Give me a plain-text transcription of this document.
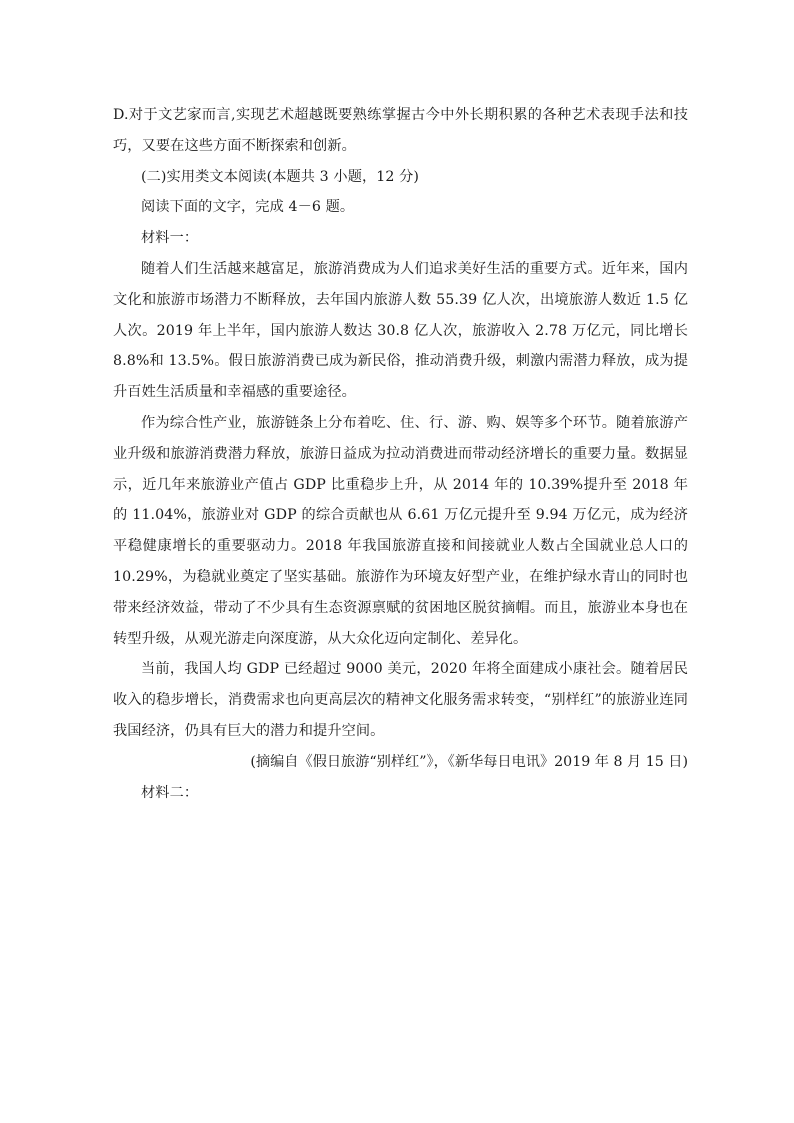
D.对于文艺家而言,实现艺术超越既要熟练掌握古今中外长期积累的各种艺术表现手法和技巧，又要在这些方面不断探索和创新。

(二)实用类文本阅读(本题共 3 小题，12 分)

阅读下面的文字，完成 4－6 题。

材料一：

随着人们生活越来越富足，旅游消费成为人们追求美好生活的重要方式。近年来，国内文化和旅游市场潜力不断释放，去年国内旅游人数 55.39 亿人次，出境旅游人数近 1.5 亿人次。2019 年上半年，国内旅游人数达 30.8 亿人次，旅游收入 2.78 万亿元，同比增长 8.8%和 13.5%。假日旅游消费已成为新民俗，推动消费升级，刺激内需潜力释放，成为提升百姓生活质量和幸福感的重要途径。

作为综合性产业，旅游链条上分布着吃、住、行、游、购、娱等多个环节。随着旅游产业升级和旅游消费潜力释放，旅游日益成为拉动消费进而带动经济增长的重要力量。数据显示，近几年来旅游业产值占 GDP 比重稳步上升，从 2014 年的 10.39%提升至 2018 年的 11.04%，旅游业对 GDP 的综合贡献也从 6.61 万亿元提升至 9.94 万亿元，成为经济平稳健康增长的重要驱动力。2018 年我国旅游直接和间接就业人数占全国就业总人口的 10.29%，为稳就业奠定了坚实基础。旅游作为环境友好型产业，在维护绿水青山的同时也带来经济效益，带动了不少具有生态资源禀赋的贫困地区脱贫摘帽。而且，旅游业本身也在转型升级，从观光游走向深度游，从大众化迈向定制化、差异化。

当前，我国人均 GDP 已经超过 9000 美元，2020 年将全面建成小康社会。随着居民收入的稳步增长，消费需求也向更高层次的精神文化服务需求转变，“别样红”的旅游业连同我国经济，仍具有巨大的潜力和提升空间。

(摘编自《假日旅游“别样红”》，《新华每日电讯》2019 年 8 月 15 日)

材料二：
